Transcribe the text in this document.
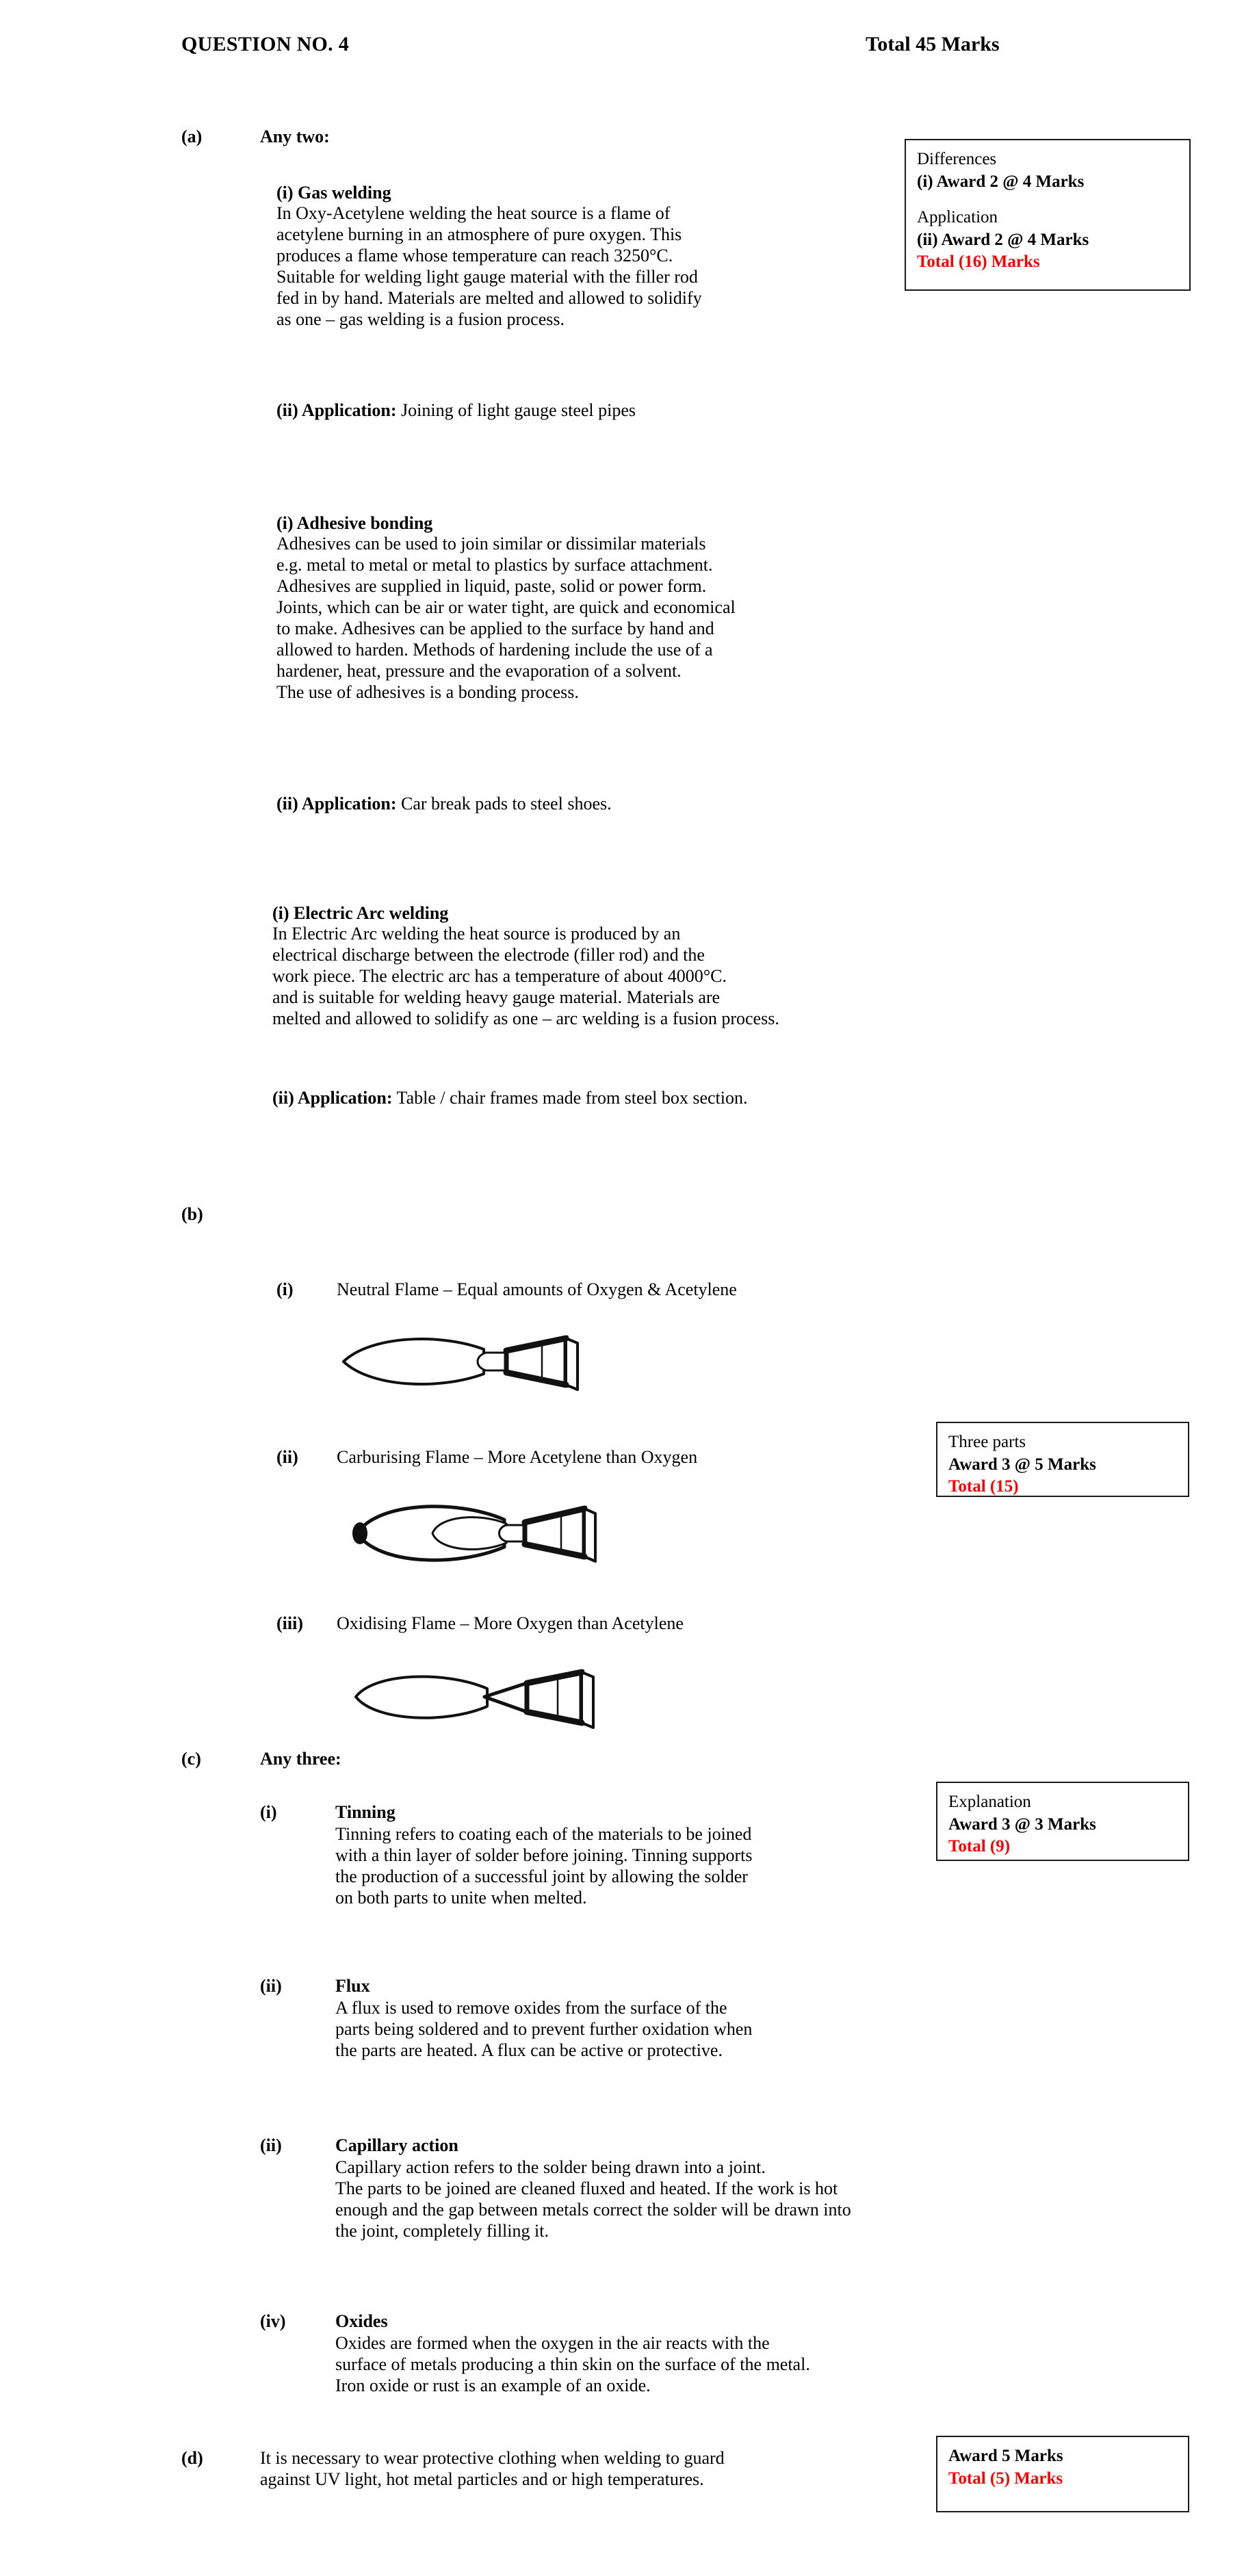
QUESTION NO. 4	Total 45 Marks
(a)	Any two:
Differences
(i) Award 2 @ 4 Marks
Application
(ii) Award 2 @ 4 Marks
Total (16) Marks
(i) Gas welding
In Oxy-Acetylene welding the heat source is a flame of
acetylene burning in an atmosphere of pure oxygen. This
produces a flame whose temperature can reach 3250°C.
Suitable for welding light gauge material with the filler rod
fed in by hand. Materials are melted and allowed to solidify
as one – gas welding is a fusion process.
(ii) Application: Joining of light gauge steel pipes
(i) Adhesive bonding
Adhesives can be used to join similar or dissimilar materials
e.g. metal to metal or metal to plastics by surface attachment.
Adhesives are supplied in liquid, paste, solid or power form.
Joints, which can be air or water tight, are quick and economical
to make. Adhesives can be applied to the surface by hand and
allowed to harden. Methods of hardening include the use of a
hardener, heat, pressure and the evaporation of a solvent.
The use of adhesives is a bonding process.
(ii) Application: Car break pads to steel shoes.
(i) Electric Arc welding
In Electric Arc welding the heat source is produced by an
electrical discharge between the electrode (filler rod) and the
work piece. The electric arc has a temperature of about 4000°C.
and is suitable for welding heavy gauge material. Materials are
melted and allowed to solidify as one – arc welding is a fusion process.
(ii) Application: Table / chair frames made from steel box section.
(b)
(i) Neutral Flame – Equal amounts of Oxygen & Acetylene
(ii) Carburising Flame – More Acetylene than Oxygen
Three parts
Award 3 @ 5 Marks
Total (15)
(iii) Oxidising Flame – More Oxygen than Acetylene
(c)	Any three:
Explanation
Award 3 @ 3 Marks
Total (9)
(i)	Tinning
Tinning refers to coating each of the materials to be joined
with a thin layer of solder before joining. Tinning supports
the production of a successful joint by allowing the solder
on both parts to unite when melted.
(ii)	Flux
A flux is used to remove oxides from the surface of the
parts being soldered and to prevent further oxidation when
the parts are heated. A flux can be active or protective.
(ii)	Capillary action
Capillary action refers to the solder being drawn into a joint.
The parts to be joined are cleaned fluxed and heated. If the work is hot
enough and the gap between metals correct the solder will be drawn into
the joint, completely filling it.
(iv)	Oxides
Oxides are formed when the oxygen in the air reacts with the
surface of metals producing a thin skin on the surface of the metal.
Iron oxide or rust is an example of an oxide.
(d)	It is necessary to wear protective clothing when welding to guard
against UV light, hot metal particles and or high temperatures.
Award 5 Marks
Total (5) Marks
